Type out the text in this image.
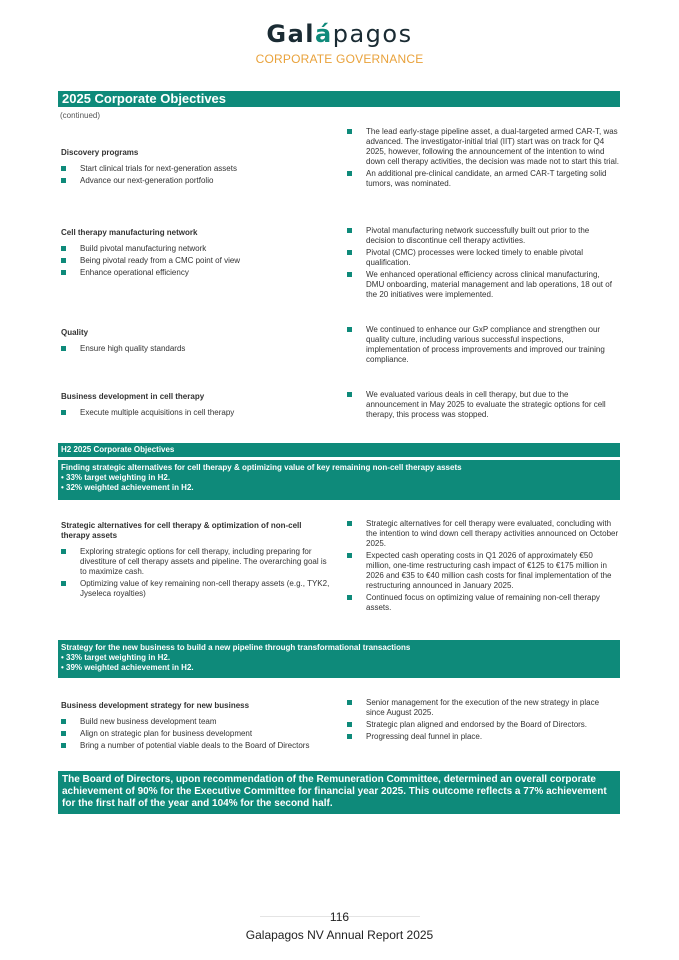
Galápagos
CORPORATE GOVERNANCE
2025 Corporate Objectives
(continued)
Discovery programs
Start clinical trials for next-generation assets
Advance our next-generation portfolio
The lead early-stage pipeline asset, a dual-targeted armed CAR-T, was advanced. The investigator-initial trial (IIT) start was on track for Q4 2025, however, following the announcement of the intention to wind down cell therapy activities, the decision was made not to start this trial.
An additional pre-clinical candidate, an armed CAR-T targeting solid tumors, was nominated.
Cell therapy manufacturing network
Build pivotal manufacturing network
Being pivotal ready from a CMC point of view
Enhance operational efficiency
Pivotal manufacturing network successfully built out prior to the decision to discontinue cell therapy activities.
Pivotal (CMC) processes were locked timely to enable pivotal qualification.
We enhanced operational efficiency across clinical manufacturing, DMU onboarding, material management and lab operations, 18 out of the 20 initiatives were implemented.
Quality
Ensure high quality standards
We continued to enhance our GxP compliance and strengthen our quality culture, including various successful inspections, implementation of process improvements and improved our training compliance.
Business development in cell therapy
Execute multiple acquisitions in cell therapy
We evaluated various deals in cell therapy, but due to the announcement in May 2025 to evaluate the strategic options for cell therapy, this process was stopped.
H2 2025 Corporate Objectives
Finding strategic alternatives for cell therapy & optimizing value of key remaining non-cell therapy assets
• 33% target weighting in H2.
• 32% weighted achievement in H2.
Strategic alternatives for cell therapy & optimization of non-cell therapy assets
Exploring strategic options for cell therapy, including preparing for divestiture of cell therapy assets and pipeline. The overarching goal is to maximize cash.
Optimizing value of key remaining non-cell therapy assets (e.g., TYK2, Jyseleca royalties)
Strategic alternatives for cell therapy were evaluated, concluding with the intention to wind down cell therapy activities announced on October 2025.
Expected cash operating costs in Q1 2026 of approximately €50 million, one-time restructuring cash impact of €125 to €175 million in 2026 and €35 to €40 million cash costs for final implementation of the restructuring announced in January 2025.
Continued focus on optimizing value of remaining non-cell therapy assets.
Strategy for the new business to build a new pipeline through transformational transactions
• 33% target weighting in H2.
• 39% weighted achievement in H2.
Business development strategy for new business
Build new business development team
Align on strategic plan for business development
Bring a number of potential viable deals to the Board of Directors
Senior management for the execution of the new strategy in place since August 2025.
Strategic plan aligned and endorsed by the Board of Directors.
Progressing deal funnel in place.
The Board of Directors, upon recommendation of the Remuneration Committee, determined an overall corporate achievement of 90% for the Executive Committee for financial year 2025. This outcome reflects a 77% achievement for the first half of the year and 104% for the second half.
116
Galapagos NV Annual Report 2025
